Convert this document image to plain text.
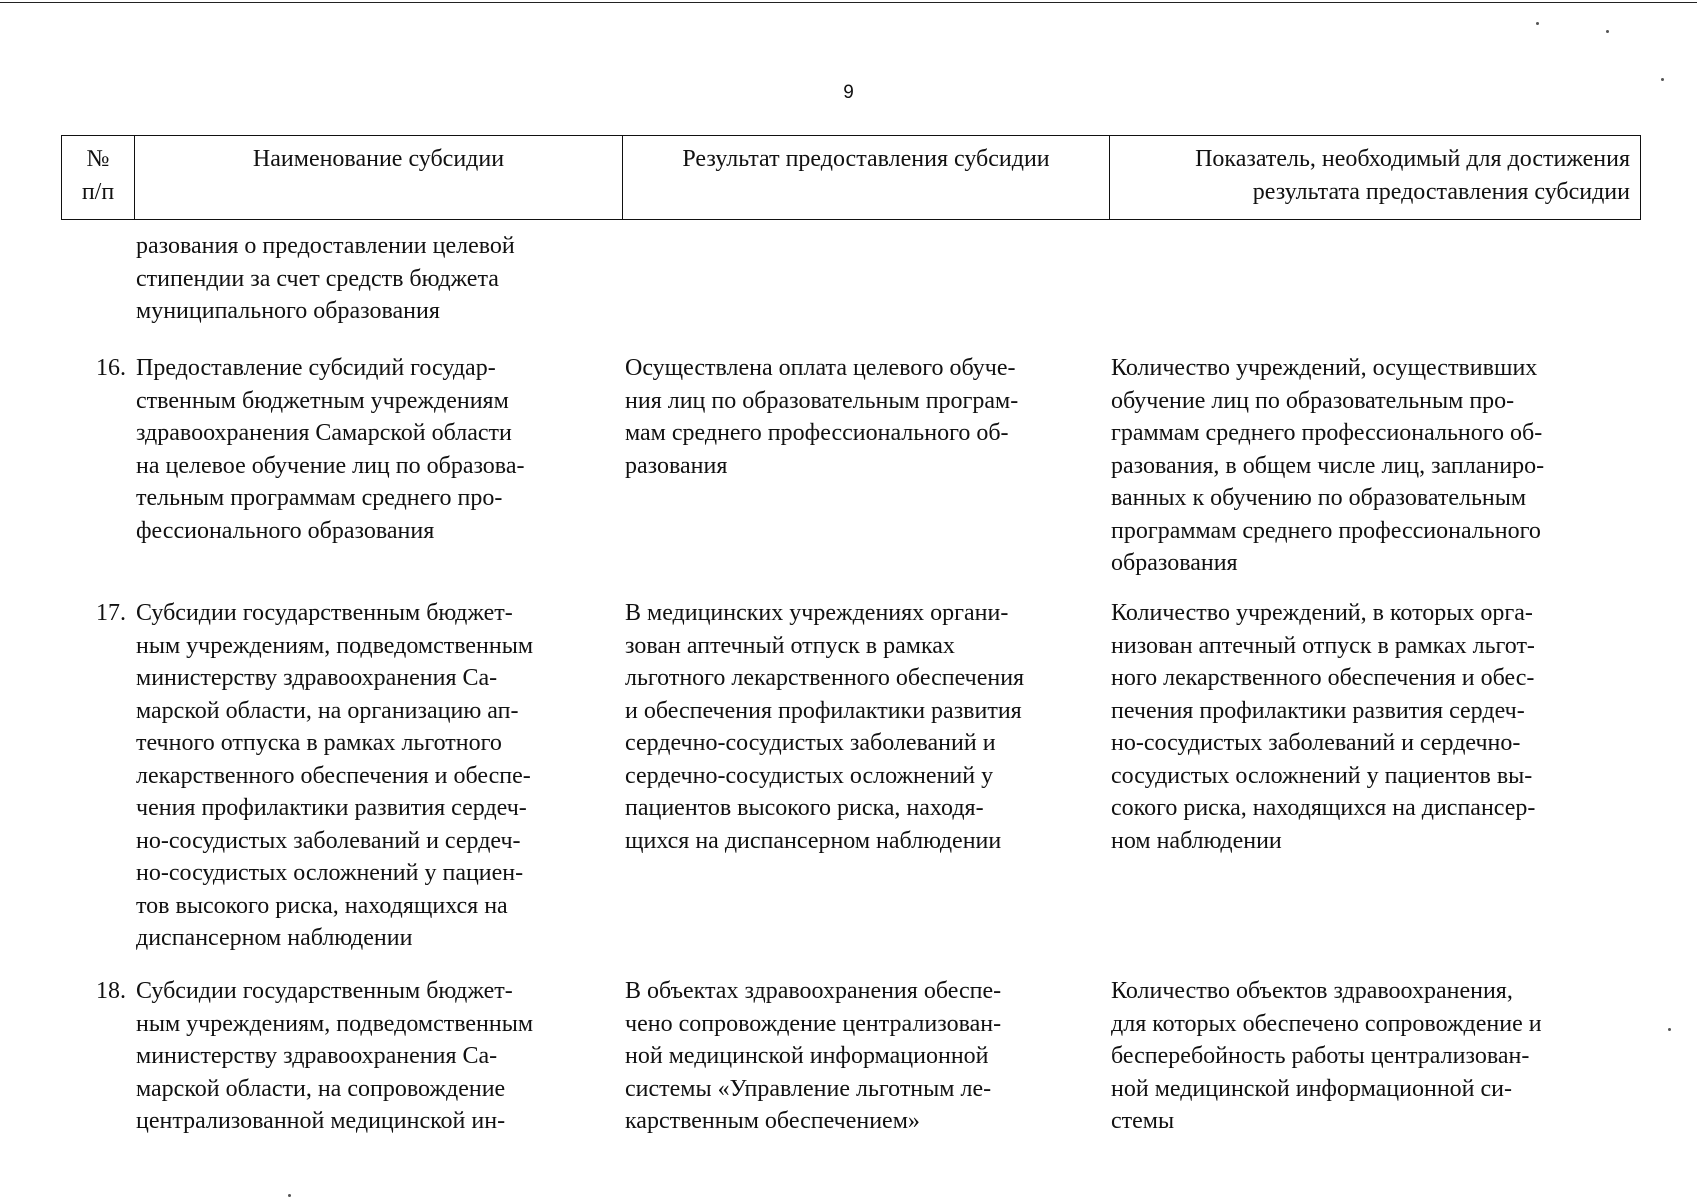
9
№
п/п
Наименование субсидии	Результат предоставления субсидии	Показатель, необходимый для достижения
результата предоставления субсидии
разования о предоставлении целевой
стипендии за счет средств бюджета
муниципального образования
16. Предоставление субсидий государ-
ственным бюджетным учреждениям
здравоохранения Самарской области
на целевое обучение лиц по образова-
тельным программам среднего про-
фессионального образования
Осуществлена оплата целевого обуче-
ния лиц по образовательным програм-
мам среднего профессионального об-
разования
Количество учреждений, осуществивших
обучение лиц по образовательным про-
граммам среднего профессионального об-
разования, в общем числе лиц, запланиро-
ванных к обучению по образовательным
программам среднего профессионального
образования
17. Субсидии государственным бюджет-
ным учреждениям, подведомственным
министерству здравоохранения Са-
марской области, на организацию ап-
течного отпуска в рамках льготного
лекарственного обеспечения и обеспе-
чения профилактики развития сердеч-
но-сосудистых заболеваний и сердеч-
но-сосудистых осложнений у пациен-
тов высокого риска, находящихся на
диспансерном наблюдении
В медицинских учреждениях органи-
зован аптечный отпуск в рамках
льготного лекарственного обеспечения
и обеспечения профилактики развития
сердечно-сосудистых заболеваний и
сердечно-сосудистых осложнений у
пациентов высокого риска, находя-
щихся на диспансерном наблюдении
Количество учреждений, в которых орга-
низован аптечный отпуск в рамках льгот-
ного лекарственного обеспечения и обес-
печения профилактики развития сердеч-
но-сосудистых заболеваний и сердечно-
сосудистых осложнений у пациентов вы-
сокого риска, находящихся на диспансер-
ном наблюдении
18. Субсидии государственным бюджет-
ным учреждениям, подведомственным
министерству здравоохранения Са-
марской области, на сопровождение
централизованной медицинской ин-
В объектах здравоохранения обеспе-
чено сопровождение централизован-
ной медицинской информационной
системы «Управление льготным ле-
карственным обеспечением»
Количество объектов здравоохранения,
для которых обеспечено сопровождение и
бесперебойность работы централизован-
ной медицинской информационной си-
стемы
